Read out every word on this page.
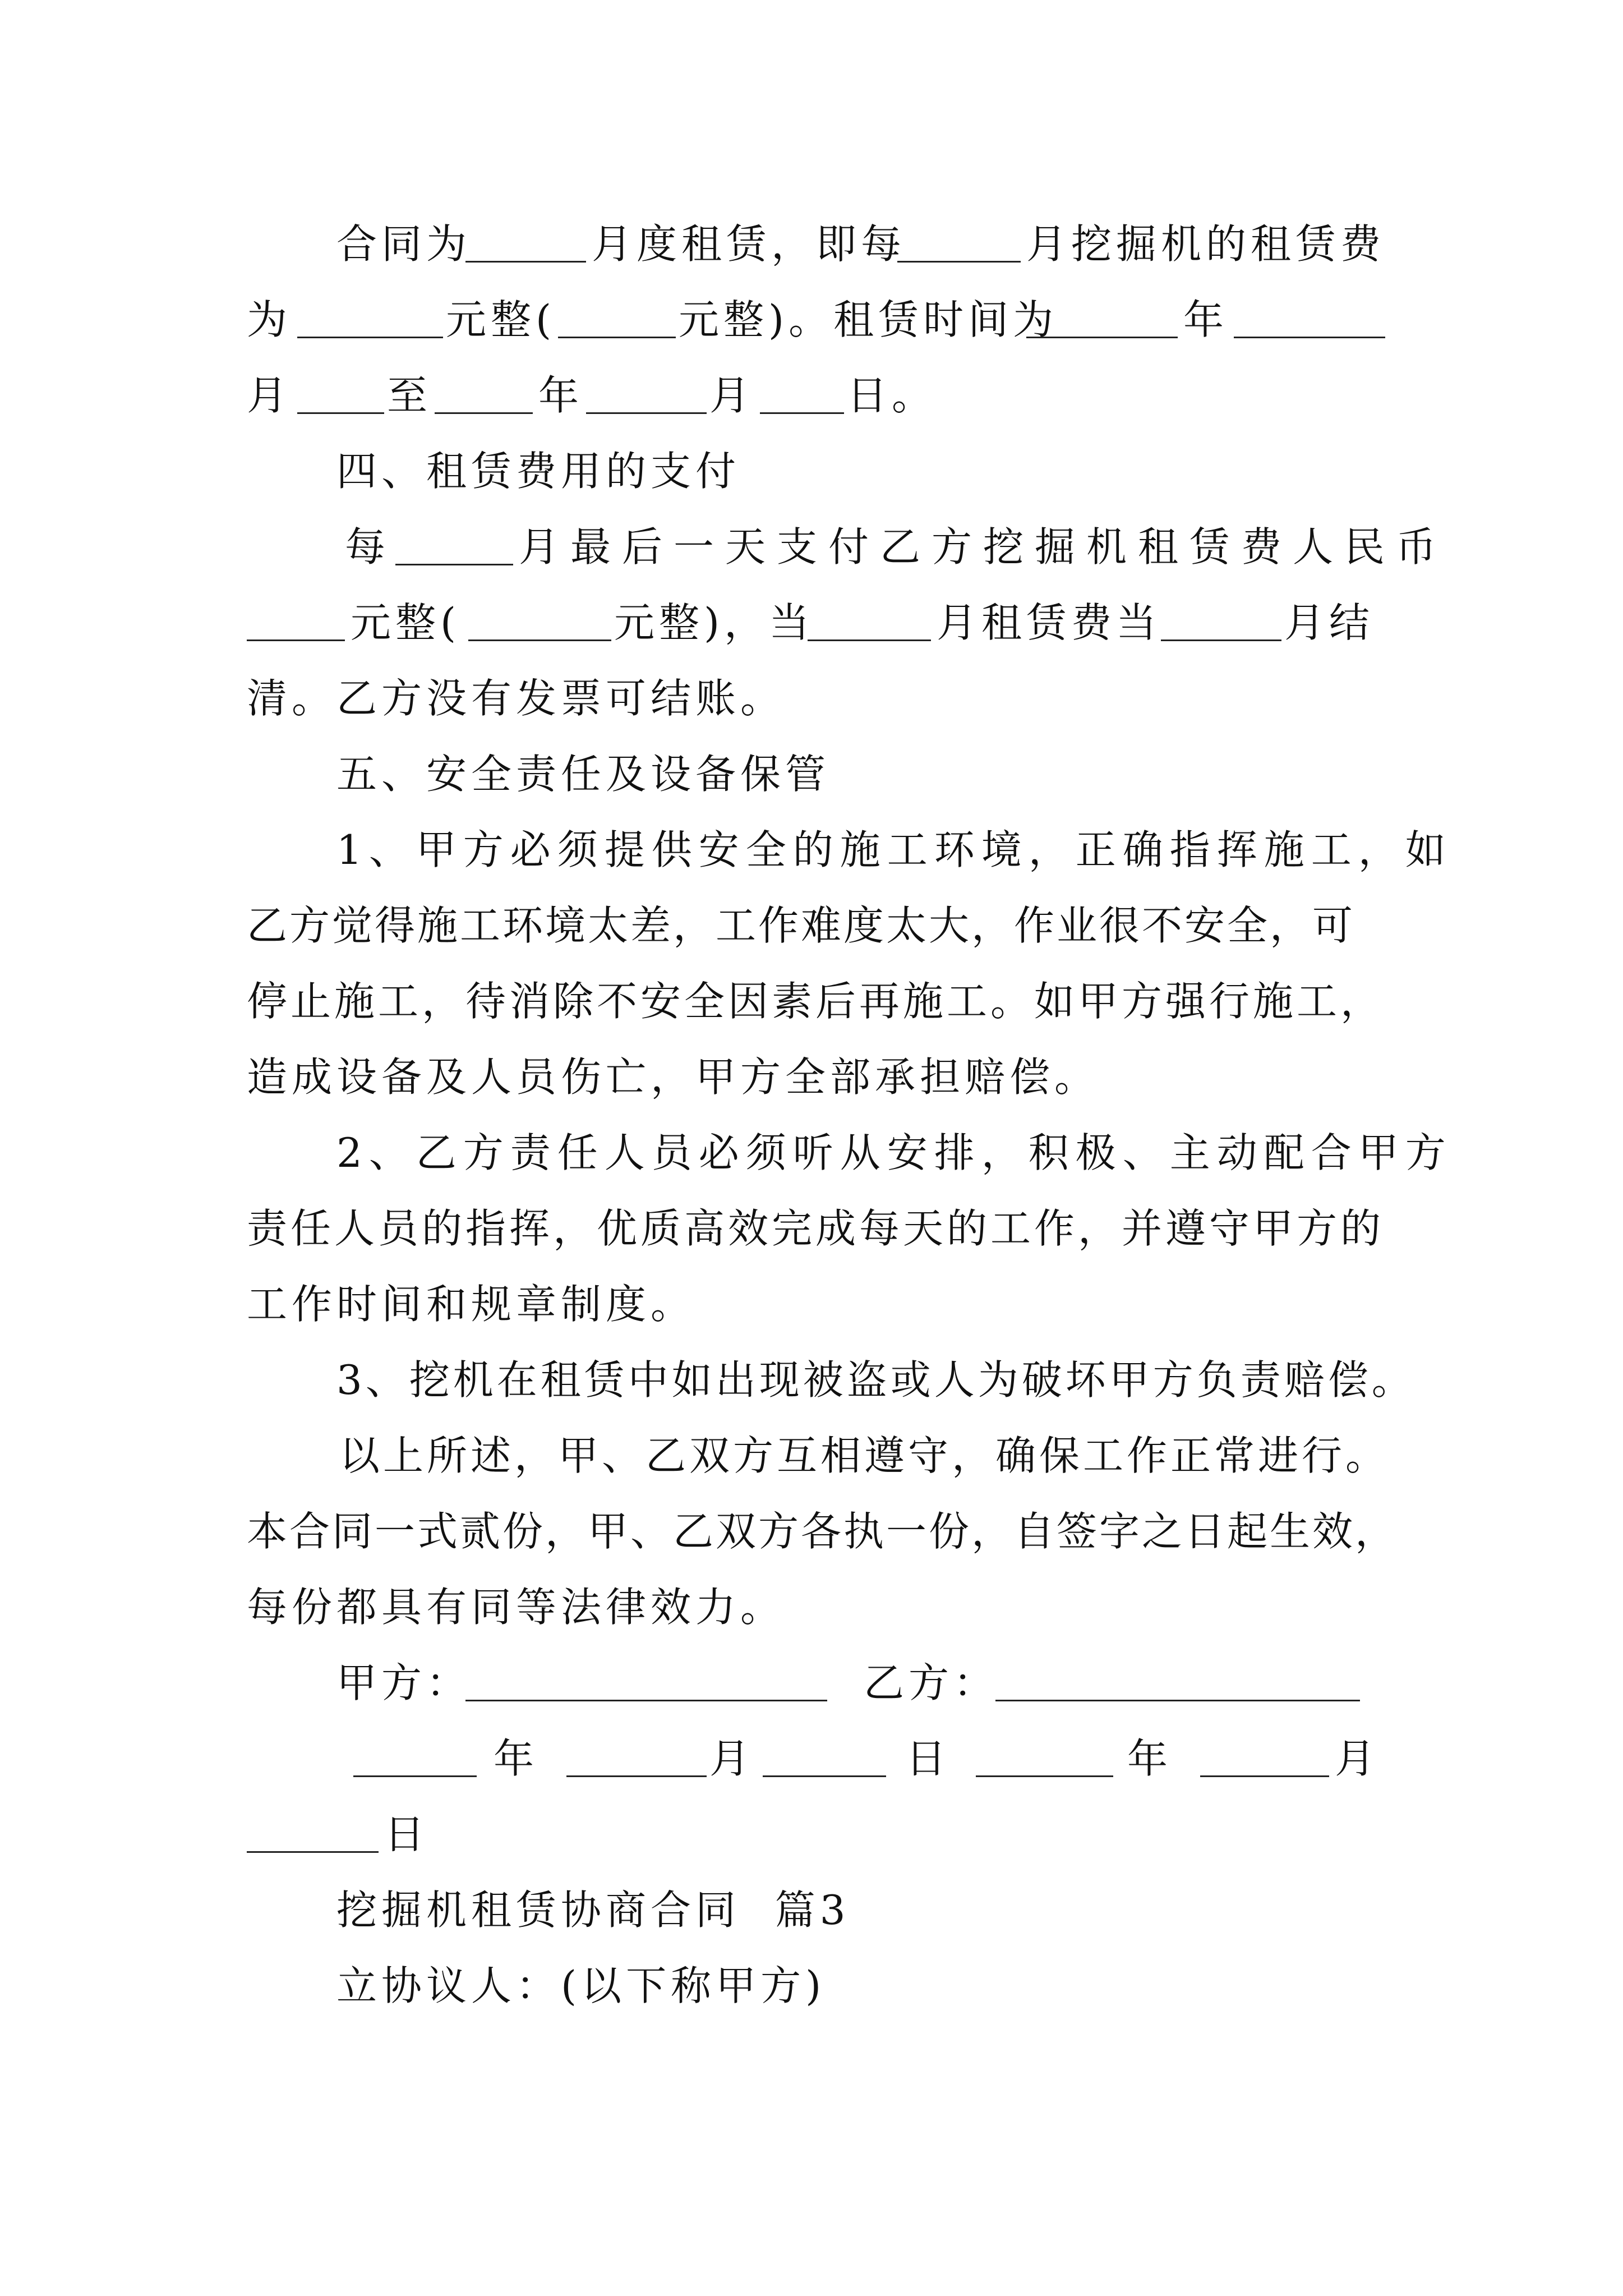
合同为	月度租赁，即每	月挖掘机的租赁费
为	元整(	元整)。租赁时间为	年
月 至	年	月 日。
四、租赁费用的支付
每	月最后一天支付乙方挖掘机租赁费人民币
元整(	元整)，当	月租赁费当	月结
清。乙方没有发票可结账。
五、安全责任及设备保管
1、甲方必须提供安全的施工环境，正确指挥施工，如
乙方觉得施工环境太差，工作难度太大，作业很不安全，可
停止施工，待消除不安全因素后再施工。如甲方强行施工，
造成设备及人员伤亡，甲方全部承担赔偿。
2、乙方责任人员必须听从安排，积极、主动配合甲方
责任人员的指挥，优质高效完成每天的工作，并遵守甲方的
工作时间和规章制度。
3、挖机在租赁中如出现被盗或人为破坏甲方负责赔偿。
以上所述，甲、乙双方互相遵守，确保工作正常进行。
本合同一式贰份，甲、乙双方各执一份，自签字之日起生效，
每份都具有同等法律效力。
甲方：	乙方：
年	月	日	年	月
日
挖掘机租赁协商合同  篇3
立协议人：(以下称甲方)
